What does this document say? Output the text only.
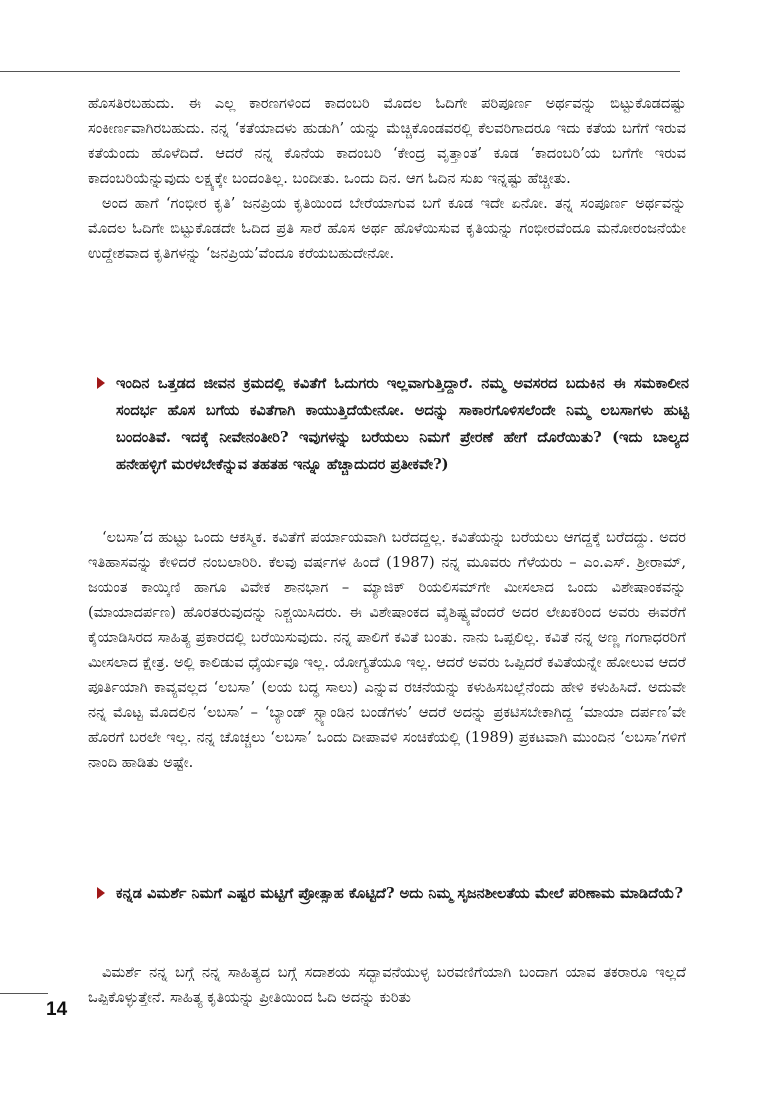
ಹೊಸತಿರಬಹುದು. ಈ ಎಲ್ಲ ಕಾರಣಗಳಿಂದ ಕಾದಂಬರಿ ಮೊದಲ ಓದಿಗೇ ಪರಿಪೂರ್ಣ ಅರ್ಥವನ್ನು ಬಿಟ್ಟುಕೊಡದಷ್ಟು ಸಂಕೀರ್ಣವಾಗಿರಬಹುದು. ನನ್ನ ‘ಕತೆಯಾದಳು ಹುಡುಗಿ’ ಯನ್ನು ಮೆಚ್ಚಿಕೊಂಡವರಲ್ಲಿ ಕೆಲವರಿಗಾದರೂ ಇದು ಕತೆಯ ಬಗೆಗೆ ಇರುವ ಕತೆಯೆಂದು ಹೊಳೆದಿದೆ. ಆದರೆ ನನ್ನ ಕೊನೆಯ ಕಾದಂಬರಿ ‘ಕೇಂದ್ರ ವೃತ್ತಾಂತ’ ಕೂಡ ‘ಕಾದಂಬರಿ’ಯ ಬಗೆಗೇ ಇರುವ ಕಾದಂಬರಿಯೆನ್ನುವುದು ಲಕ್ಷ್ಯಕ್ಕೇ ಬಂದಂತಿಲ್ಲ. ಬಂದೀತು. ಒಂದು ದಿನ. ಆಗ ಓದಿನ ಸುಖ ಇನ್ನಷ್ಟು ಹೆಚ್ಚೀತು.

ಅಂದ ಹಾಗೆ ‘ಗಂಭೀರ ಕೃತಿ’ ಜನಪ್ರಿಯ ಕೃತಿಯಿಂದ ಬೇರೆಯಾಗುವ ಬಗೆ ಕೂಡ ಇದೇ ಏನೋ. ತನ್ನ ಸಂಪೂರ್ಣ ಅರ್ಥವನ್ನು ಮೊದಲ ಓದಿಗೇ ಬಿಟ್ಟುಕೊಡದೇ ಓದಿದ ಪ್ರತಿ ಸಾರೆ ಹೊಸ ಅರ್ಥ ಹೊಳೆಯಿಸುವ ಕೃತಿಯನ್ನು ಗಂಭೀರವೆಂದೂ ಮನೋರಂಜನೆಯೇ ಉದ್ದೇಶವಾದ ಕೃತಿಗಳನ್ನು ‘ಜನಪ್ರಿಯ’ವೆಂದೂ ಕರೆಯಬಹುದೇನೋ.

ಇಂದಿನ ಒತ್ತಡದ ಜೀವನ ಕ್ರಮದಲ್ಲಿ ಕವಿತೆಗೆ ಓದುಗರು ಇಲ್ಲವಾಗುತ್ತಿದ್ದಾರೆ. ನಮ್ಮ ಅವಸರದ ಬದುಕಿನ ಈ ಸಮಕಾಲೀನ ಸಂದರ್ಭ ಹೊಸ ಬಗೆಯ ಕವಿತೆಗಾಗಿ ಕಾಯುತ್ತಿದೆಯೇನೋ. ಅದನ್ನು ಸಾಕಾರಗೊಳಿಸಲೆಂದೇ ನಿಮ್ಮ ಲಬಸಾಗಳು ಹುಟ್ಟಿ ಬಂದಂತಿವೆ. ಇದಕ್ಕೆ ನೀವೇನಂತೀರಿ? ಇವುಗಳನ್ನು ಬರೆಯಲು ನಿಮಗೆ ಪ್ರೇರಣೆ ಹೇಗೆ ದೊರೆಯಿತು? (ಇದು ಬಾಲ್ಯದ ಹನೇಹಳ್ಳಿಗೆ ಮರಳಬೇಕೆನ್ನುವ ತಹತಹ ಇನ್ನೂ ಹೆಚ್ಚಾದುದರ ಪ್ರತೀಕವೇ?)

‘ಲಬಸಾ’ದ ಹುಟ್ಟು ಒಂದು ಆಕಸ್ಮಿಕ. ಕವಿತೆಗೆ ಪರ್ಯಾಯವಾಗಿ ಬರೆದದ್ದಲ್ಲ. ಕವಿತೆಯನ್ನು ಬರೆಯಲು ಆಗದ್ದಕ್ಕೆ ಬರೆದದ್ದು. ಅದರ ಇತಿಹಾಸವನ್ನು ಕೇಳಿದರೆ ನಂಬಲಾರಿರಿ. ಕೆಲವು ವರ್ಷಗಳ ಹಿಂದೆ (1987) ನನ್ನ ಮೂವರು ಗೆಳೆಯರು – ಎಂ.ಎಸ್. ಶ್ರೀರಾಮ್, ಜಯಂತ ಕಾಯ್ಕಿಣಿ ಹಾಗೂ ವಿವೇಕ ಶಾನಭಾಗ – ಮ್ಯಾಜಿಕ್ ರಿಯಲಿಸಮ್‌ಗೇ ಮೀಸಲಾದ ಒಂದು ವಿಶೇಷಾಂಕವನ್ನು (ಮಾಯಾದರ್ಪಣ) ಹೊರತರುವುದನ್ನು ನಿಶ್ಚಯಿಸಿದರು. ಈ ವಿಶೇಷಾಂಕದ ವೈಶಿಷ್ಟ್ಯವೆಂದರೆ ಅದರ ಲೇಖಕರಿಂದ ಅವರು ಈವರೆಗೆ ಕೈಯಾಡಿಸಿರದ ಸಾಹಿತ್ಯ ಪ್ರಕಾರದಲ್ಲಿ ಬರೆಯಿಸುವುದು. ನನ್ನ ಪಾಲಿಗೆ ಕವಿತೆ ಬಂತು. ನಾನು ಒಪ್ಪಲಿಲ್ಲ. ಕವಿತೆ ನನ್ನ ಅಣ್ಣ ಗಂಗಾಧರರಿಗೆ ಮೀಸಲಾದ ಕ್ಷೇತ್ರ. ಅಲ್ಲಿ ಕಾಲಿಡುವ ಧೈರ್ಯವೂ ಇಲ್ಲ. ಯೋಗ್ಯತೆಯೂ ಇಲ್ಲ. ಆದರೆ ಅವರು ಒಪ್ಪಿದರೆ ಕವಿತೆಯನ್ನೇ ಹೋಲುವ ಆದರೆ ಪೂರ್ತಿಯಾಗಿ ಕಾವ್ಯವಲ್ಲದ ‘ಲಬಸಾ’ (ಲಯ ಬದ್ಧ ಸಾಲು) ಎನ್ನುವ ರಚನೆಯನ್ನು ಕಳುಹಿಸಬಲ್ಲೆನೆಂದು ಹೇಳಿ ಕಳುಹಿಸಿದೆ. ಅದುವೇ ನನ್ನ ಮೊಟ್ಟ ಮೊದಲಿನ ‘ಲಬಸಾ’ – ‘ಬ್ಯಾಂಡ್ ಸ್ಟ್ಯಾಂಡಿನ ಬಂಡೆಗಳು’ ಆದರೆ ಅದನ್ನು ಪ್ರಕಟಿಸಬೇಕಾಗಿದ್ದ ‘ಮಾಯಾ ದರ್ಪಣ’ವೇ ಹೊರಗೆ ಬರಲೇ ಇಲ್ಲ. ನನ್ನ ಚೊಚ್ಚಲು ‘ಲಬಸಾ’ ಒಂದು ದೀಪಾವಳಿ ಸಂಚಿಕೆಯಲ್ಲಿ (1989) ಪ್ರಕಟವಾಗಿ ಮುಂದಿನ ‘ಲಬಸಾ’ಗಳಿಗೆ ನಾಂದಿ ಹಾಡಿತು ಅಷ್ಟೇ.

ಕನ್ನಡ ವಿಮರ್ಶೆ ನಿಮಗೆ ಎಷ್ಟರ ಮಟ್ಟಿಗೆ ಪ್ರೋತ್ಸಾಹ ಕೊಟ್ಟಿದೆ? ಅದು ನಿಮ್ಮ ಸೃಜನಶೀಲತೆಯ ಮೇಲೆ ಪರಿಣಾಮ ಮಾಡಿದೆಯೆ?

ವಿಮರ್ಶೆ ನನ್ನ ಬಗ್ಗೆ ನನ್ನ ಸಾಹಿತ್ಯದ ಬಗ್ಗೆ ಸದಾಶಯ ಸದ್ಭಾವನೆಯುಳ್ಳ ಬರವಣಿಗೆಯಾಗಿ ಬಂದಾಗ ಯಾವ ತಕರಾರೂ ಇಲ್ಲದೆ ಒಪ್ಪಿಕೊಳ್ಳುತ್ತೇನೆ. ಸಾಹಿತ್ಯ ಕೃತಿಯನ್ನು ಪ್ರೀತಿಯಿಂದ ಓದಿ ಅದನ್ನು ಕುರಿತು

14
